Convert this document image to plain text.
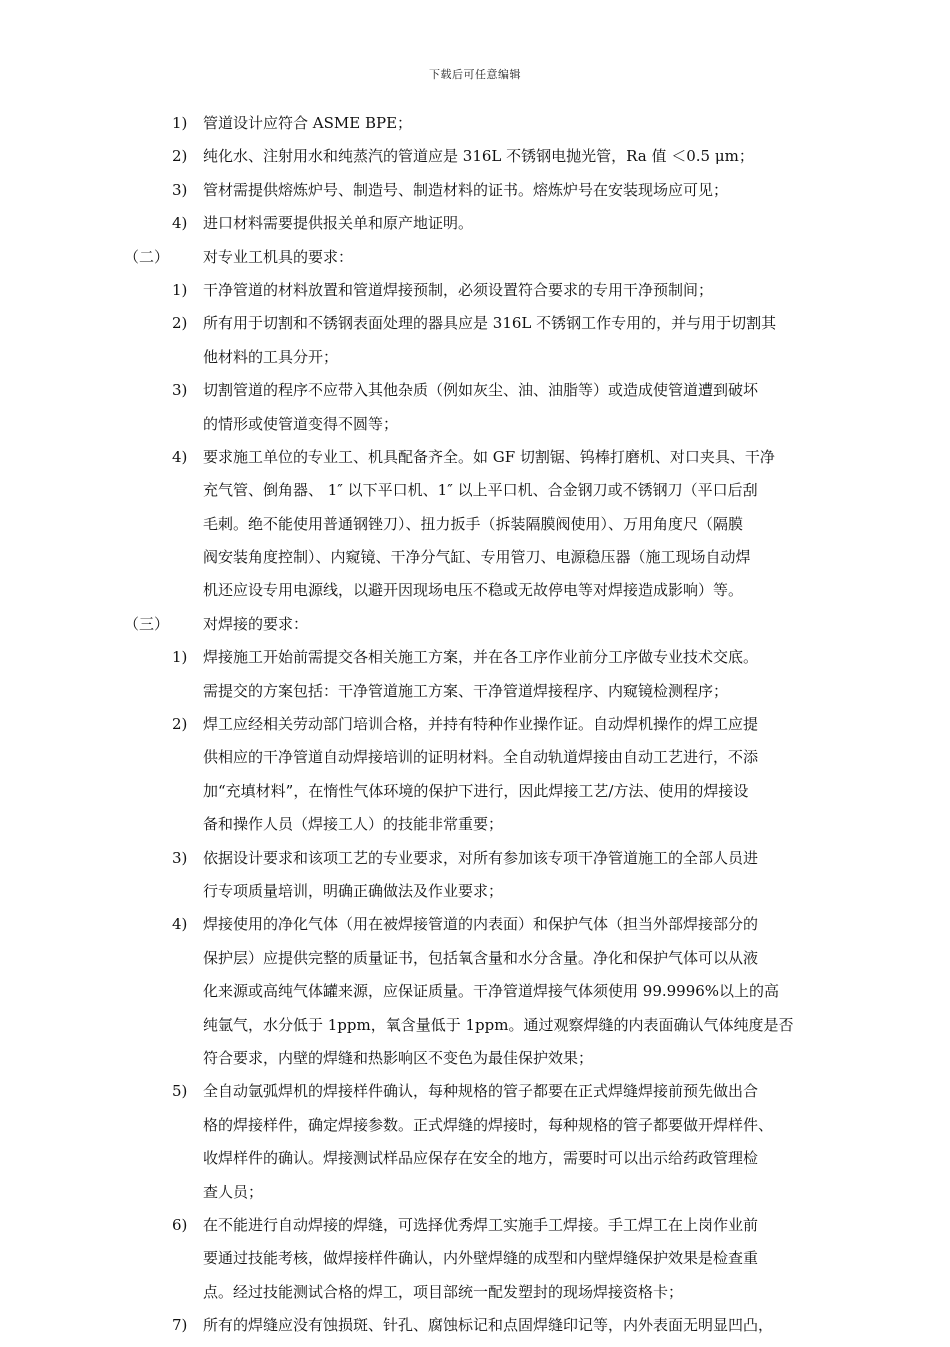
下载后可任意编辑
1) 管道设计应符合 ASME BPE；
2) 纯化水、注射用水和纯蒸汽的管道应是 316L 不锈钢电抛光管，Ra 值 ＜0.5 μm；
3) 管材需提供熔炼炉号、制造号、制造材料的证书。熔炼炉号在安装现场应可见；
4) 进口材料需要提供报关单和原产地证明。
（二） 对专业工机具的要求：
1) 干净管道的材料放置和管道焊接预制，必须设置符合要求的专用干净预制间；
2) 所有用于切割和不锈钢表面处理的器具应是 316L 不锈钢工作专用的，并与用于切割其
他材料的工具分开；
3) 切割管道的程序不应带入其他杂质（例如灰尘、油、油脂等）或造成使管道遭到破坏
的情形或使管道变得不圆等；
4) 要求施工单位的专业工、机具配备齐全。如 GF 切割锯、钨棒打磨机、对口夹具、干净
充气管、倒角器、 1″ 以下平口机、1″ 以上平口机、合金钢刀或不锈钢刀（平口后刮
毛刺。绝不能使用普通钢锉刀）、扭力扳手（拆装隔膜阀使用）、万用角度尺（隔膜
阀安装角度控制）、内窥镜、干净分气缸、专用管刀、电源稳压器（施工现场自动焊
机还应设专用电源线，以避开因现场电压不稳或无故停电等对焊接造成影响）等。
（三） 对焊接的要求：
1) 焊接施工开始前需提交各相关施工方案，并在各工序作业前分工序做专业技术交底。
需提交的方案包括：干净管道施工方案、干净管道焊接程序、内窥镜检测程序；
2) 焊工应经相关劳动部门培训合格，并持有特种作业操作证。自动焊机操作的焊工应提
供相应的干净管道自动焊接培训的证明材料。全自动轨道焊接由自动工艺进行，不添
加“充填材料”，在惰性气体环境的保护下进行，因此焊接工艺/方法、使用的焊接设
备和操作人员（焊接工人）的技能非常重要；
3) 依据设计要求和该项工艺的专业要求，对所有参加该专项干净管道施工的全部人员进
行专项质量培训，明确正确做法及作业要求；
4) 焊接使用的净化气体（用在被焊接管道的内表面）和保护气体（担当外部焊接部分的
保护层）应提供完整的质量证书，包括氧含量和水分含量。净化和保护气体可以从液
化来源或高纯气体罐来源，应保证质量。干净管道焊接气体须使用 99.9996%以上的高
纯氩气，水分低于 1ppm，氧含量低于 1ppm。通过观察焊缝的内表面确认气体纯度是否
符合要求，内壁的焊缝和热影响区不变色为最佳保护效果；
5) 全自动氩弧焊机的焊接样件确认，每种规格的管子都要在正式焊缝焊接前预先做出合
格的焊接样件，确定焊接参数。正式焊缝的焊接时，每种规格的管子都要做开焊样件、
收焊样件的确认。焊接测试样品应保存在安全的地方，需要时可以出示给药政管理检
查人员；
6) 在不能进行自动焊接的焊缝，可选择优秀焊工实施手工焊接。手工焊工在上岗作业前
要通过技能考核，做焊接样件确认，内外壁焊缝的成型和内壁焊缝保护效果是检查重
点。经过技能测试合格的焊工，项目部统一配发塑封的现场焊接资格卡；
7) 所有的焊缝应没有蚀损斑、针孔、腐蚀标记和点固焊缝印记等，内外表面无明显凹凸，
